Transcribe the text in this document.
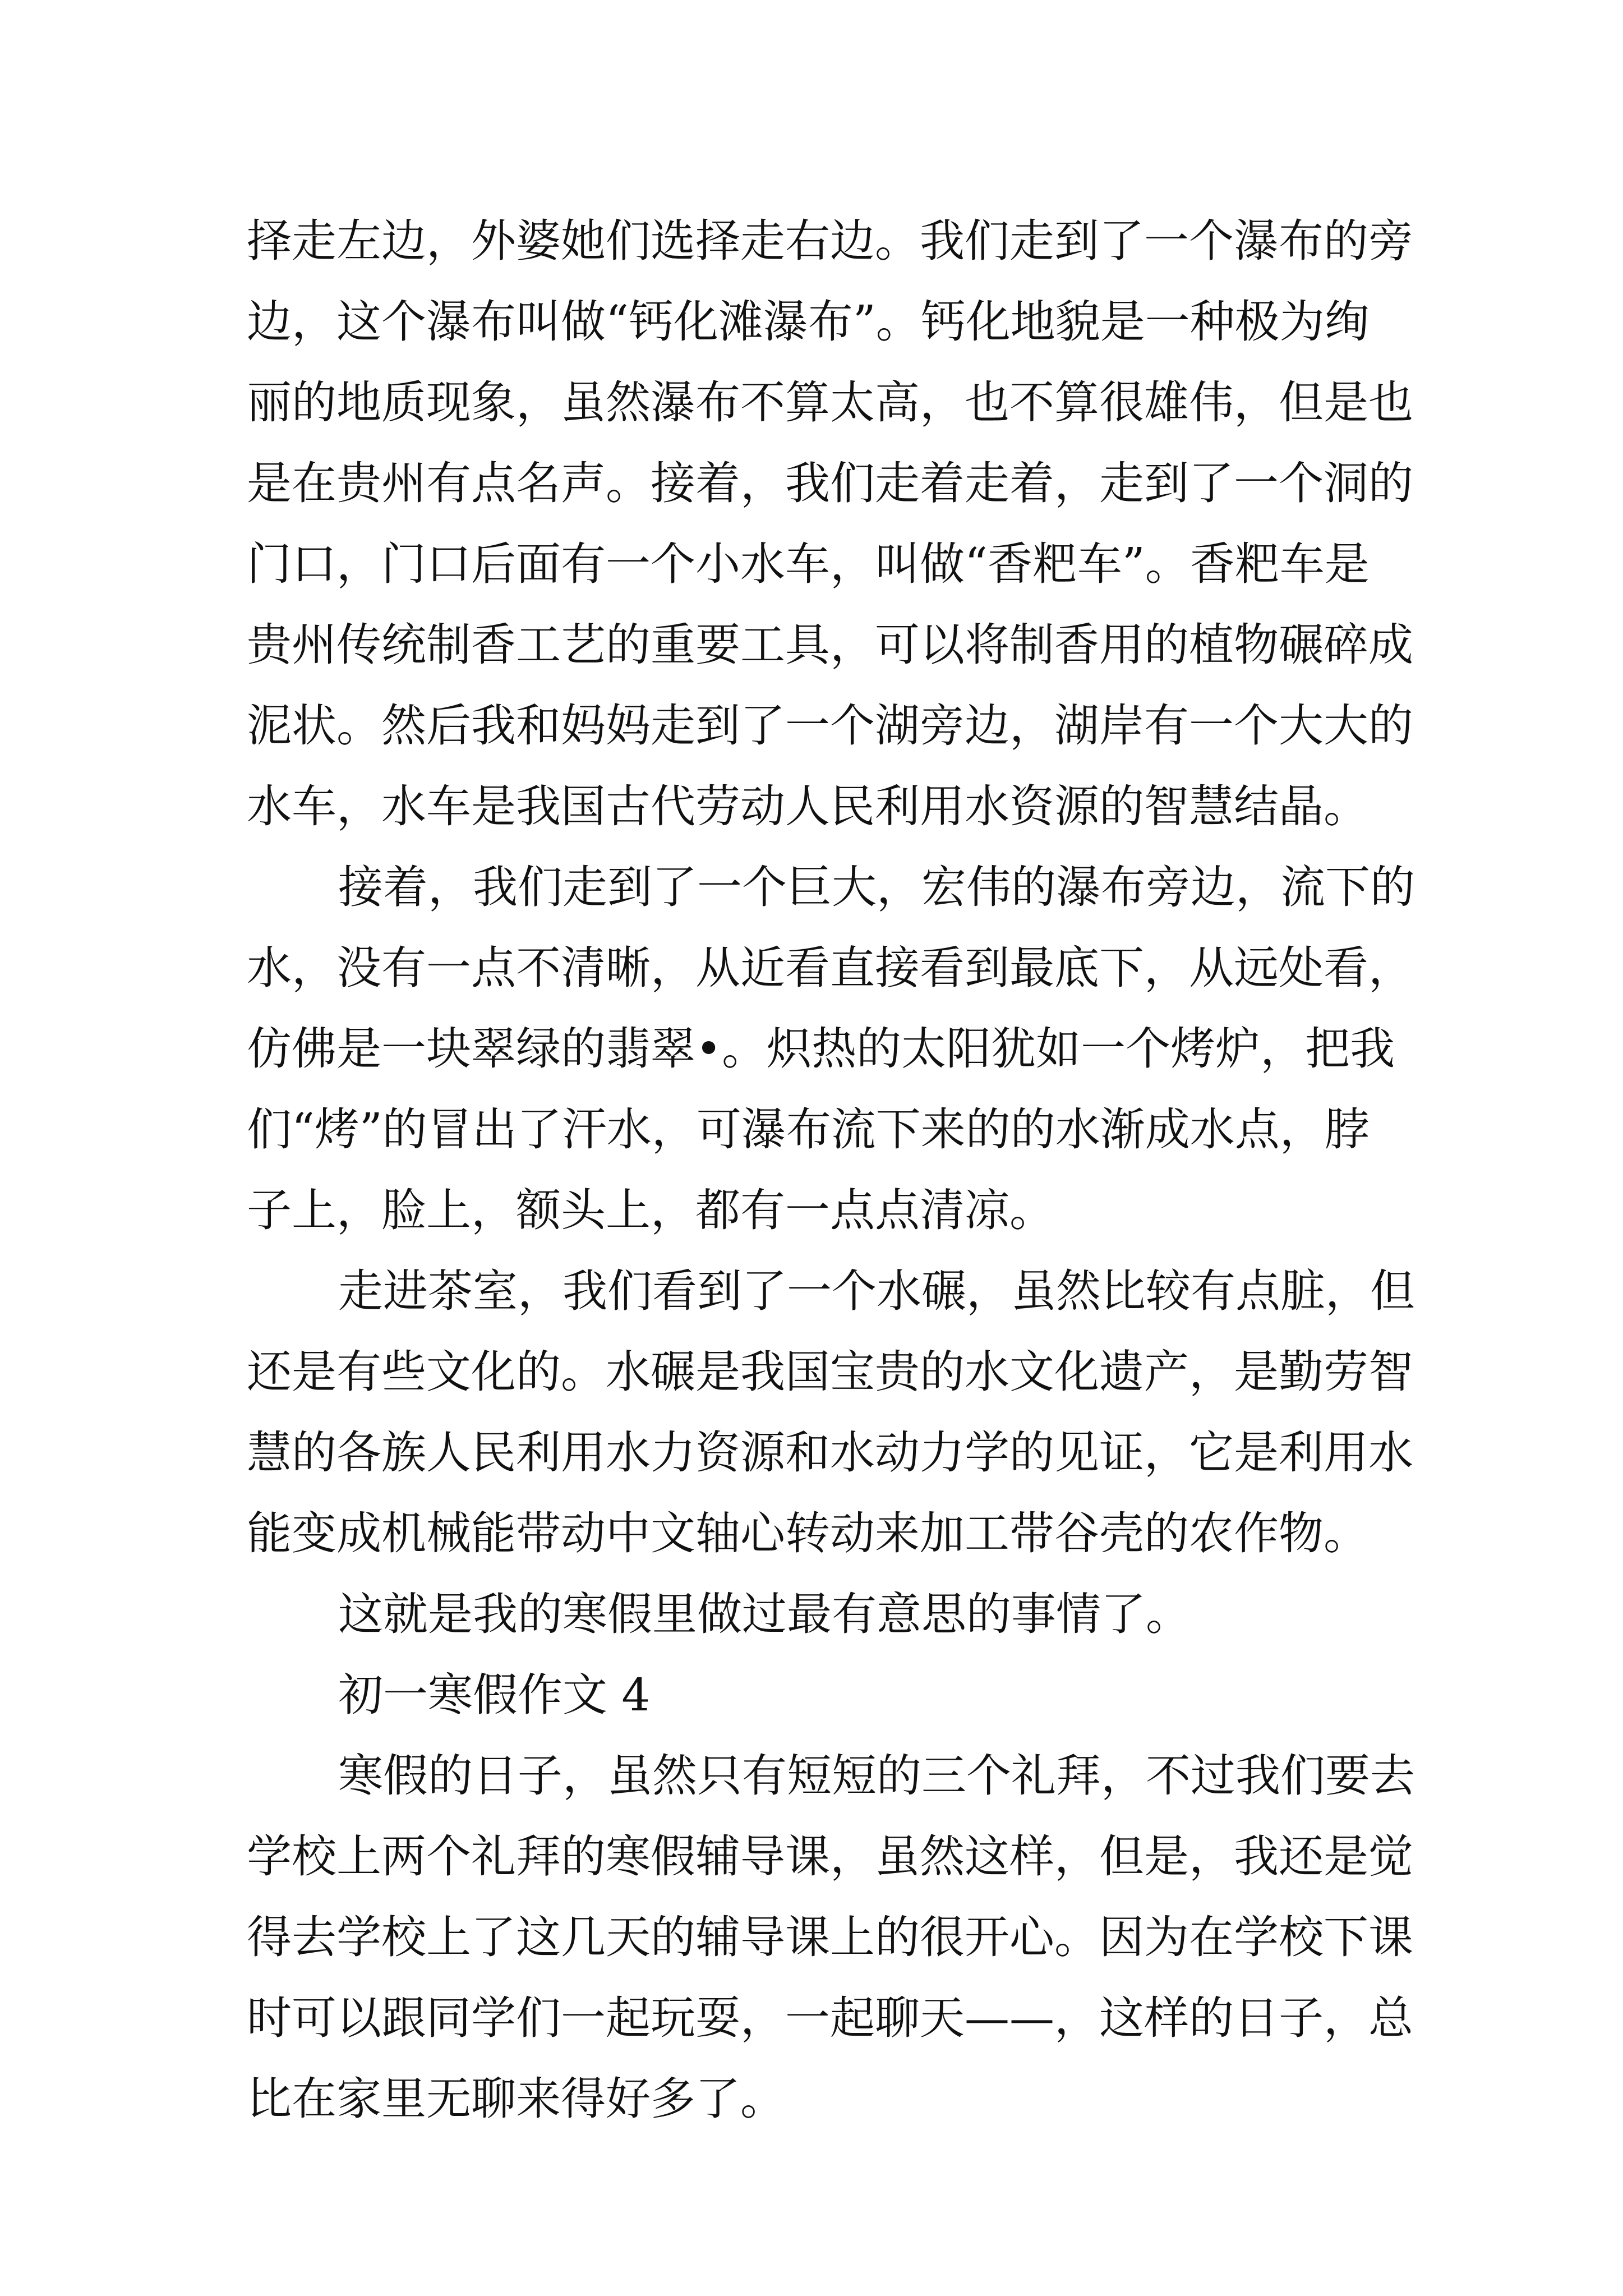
择走左边，外婆她们选择走右边。我们走到了一个瀑布的旁
边，这个瀑布叫做“钙化滩瀑布”。钙化地貌是一种极为绚
丽的地质现象，虽然瀑布不算太高，也不算很雄伟，但是也
是在贵州有点名声。接着，我们走着走着，走到了一个洞的
门口，门口后面有一个小水车，叫做“香粑车”。香粑车是
贵州传统制香工艺的重要工具，可以将制香用的植物碾碎成
泥状。然后我和妈妈走到了一个湖旁边，湖岸有一个大大的
水车，水车是我国古代劳动人民利用水资源的智慧结晶。
接着，我们走到了一个巨大，宏伟的瀑布旁边，流下的
水，没有一点不清晰，从近看直接看到最底下，从远处看，
仿佛是一块翠绿的翡翠•。炽热的太阳犹如一个烤炉，把我
们“烤”的冒出了汗水，可瀑布流下来的的水渐成水点，脖
子上，脸上，额头上，都有一点点清凉。
走进茶室，我们看到了一个水碾，虽然比较有点脏，但
还是有些文化的。水碾是我国宝贵的水文化遗产，是勤劳智
慧的各族人民利用水力资源和水动力学的见证，它是利用水
能变成机械能带动中文轴心转动来加工带谷壳的农作物。
这就是我的寒假里做过最有意思的事情了。
初一寒假作文 4
寒假的日子，虽然只有短短的三个礼拜，不过我们要去
学校上两个礼拜的寒假辅导课，虽然这样，但是，我还是觉
得去学校上了这几天的辅导课上的很开心。因为在学校下课
时可以跟同学们一起玩耍，一起聊天——，这样的日子，总
比在家里无聊来得好多了。
